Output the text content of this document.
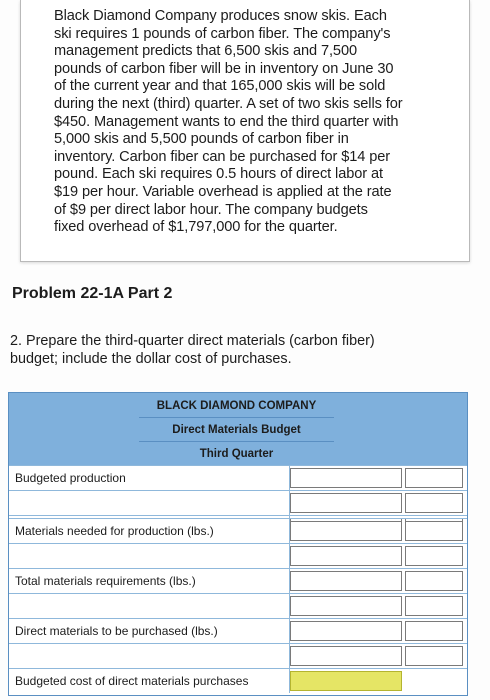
Black Diamond Company produces snow skis. Each
ski requires 1 pounds of carbon fiber. The company's
management predicts that 6,500 skis and 7,500
pounds of carbon fiber will be in inventory on June 30
of the current year and that 165,000 skis will be sold
during the next (third) quarter. A set of two skis sells for
$450. Management wants to end the third quarter with
5,000 skis and 5,500 pounds of carbon fiber in
inventory. Carbon fiber can be purchased for $14 per
pound. Each ski requires 0.5 hours of direct labor at
$19 per hour. Variable overhead is applied at the rate
of $9 per direct labor hour. The company budgets
fixed overhead of $1,797,000 for the quarter.
Problem 22-1A Part 2
2. Prepare the third-quarter direct materials (carbon fiber)
budget; include the dollar cost of purchases.
BLACK DIAMOND COMPANY
Direct Materials Budget
Third Quarter
Budgeted production
Materials needed for production (lbs.)
Total materials requirements (lbs.)
Direct materials to be purchased (lbs.)
Budgeted cost of direct materials purchases
